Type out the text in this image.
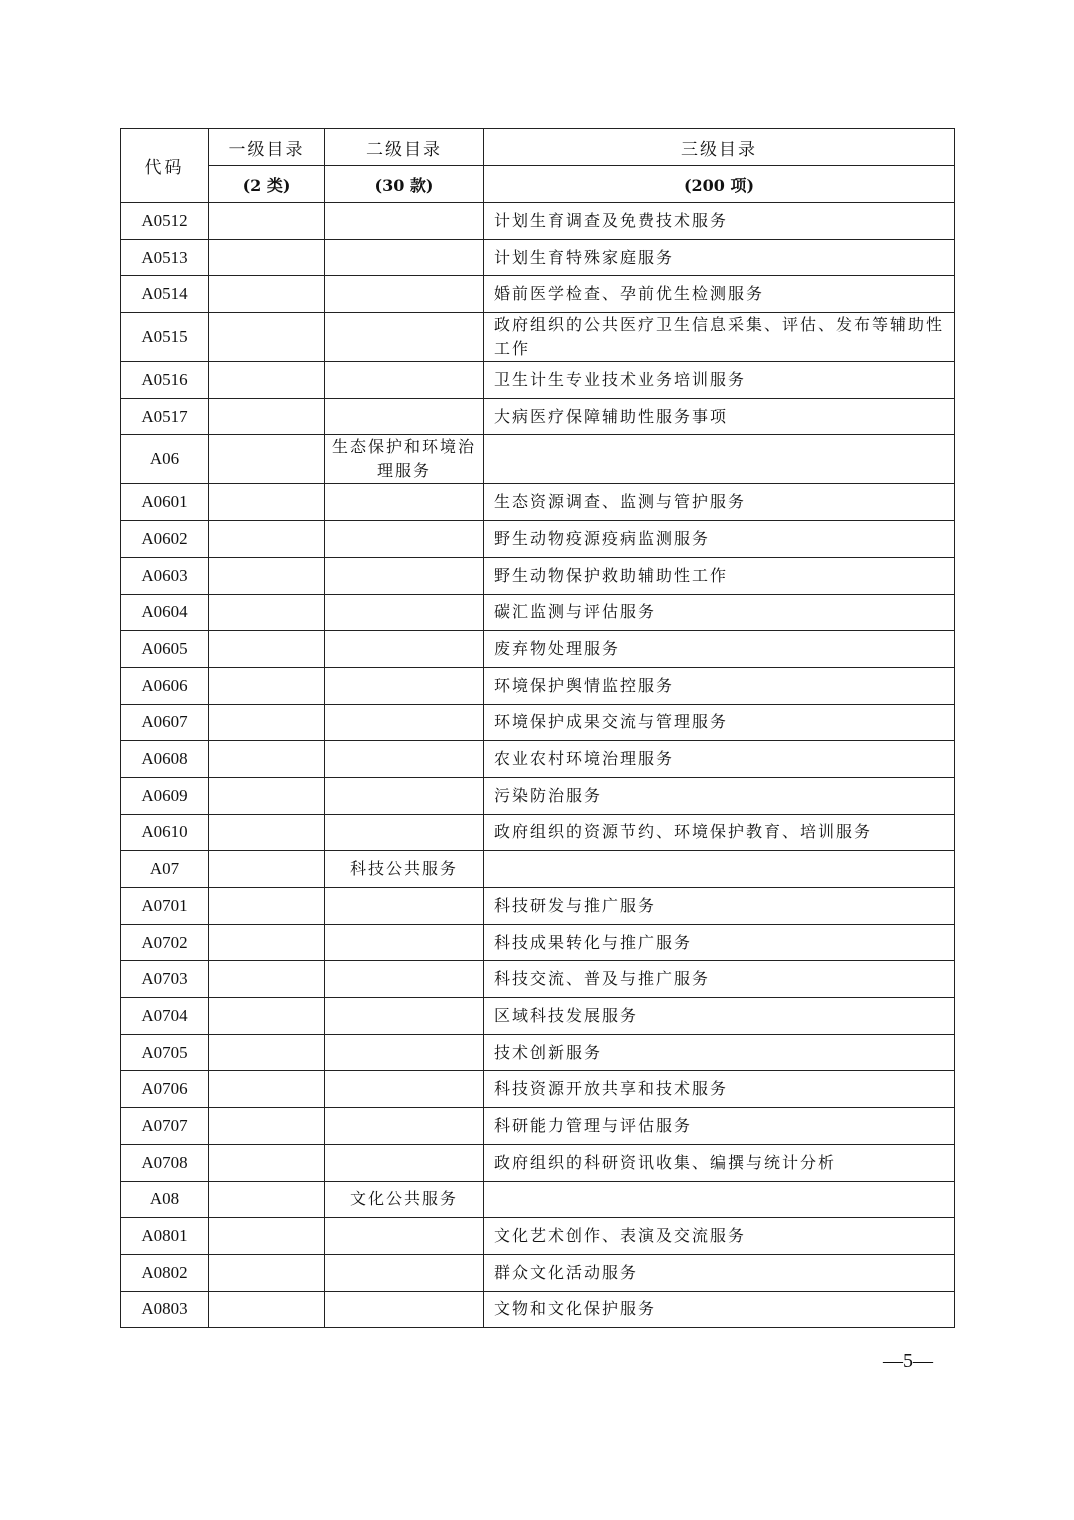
代码	一级目录	二级目录	三级目录
	(2 类)	(30 款)	(200 项)
A0512			计划生育调查及免费技术服务
A0513			计划生育特殊家庭服务
A0514			婚前医学检查、孕前优生检测服务
A0515			政府组织的公共医疗卫生信息采集、评估、发布等辅助性工作
A0516			卫生计生专业技术业务培训服务
A0517			大病医疗保障辅助性服务事项
A06		生态保护和环境治理服务	
A0601			生态资源调查、监测与管护服务
A0602			野生动物疫源疫病监测服务
A0603			野生动物保护救助辅助性工作
A0604			碳汇监测与评估服务
A0605			废弃物处理服务
A0606			环境保护舆情监控服务
A0607			环境保护成果交流与管理服务
A0608			农业农村环境治理服务
A0609			污染防治服务
A0610			政府组织的资源节约、环境保护教育、培训服务
A07		科技公共服务	
A0701			科技研发与推广服务
A0702			科技成果转化与推广服务
A0703			科技交流、普及与推广服务
A0704			区域科技发展服务
A0705			技术创新服务
A0706			科技资源开放共享和技术服务
A0707			科研能力管理与评估服务
A0708			政府组织的科研资讯收集、编撰与统计分析
A08		文化公共服务	
A0801			文化艺术创作、表演及交流服务
A0802			群众文化活动服务
A0803			文物和文化保护服务
—5—
